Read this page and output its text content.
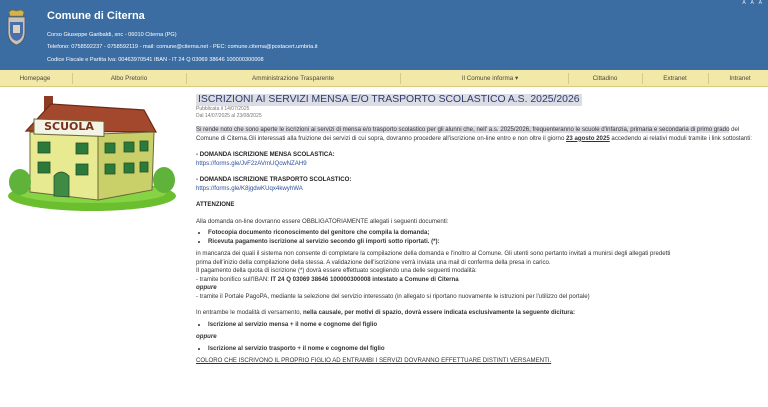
Comune di Citerna
Corso Giuseppe Garibaldi, snc - 06010 Citerna (PG)
Telefono: 0758592237 - 0758592119 - mail: comune@citerna.net - PEC: comune.citerna@postacert.umbria.it
Codice Fiscale e Partita Iva: 00463970541 IBAN - IT 24 Q 03069 38646 100000300008
A A A
Homepage	Albo Pretorio	Amministrazione Trasparente	Il Comune informa ▾	Cittadino	Extranet	Intranet
SCUOLA
ISCRIZIONI AI SERVIZI MENSA E/O TRASPORTO SCOLASTICO A.S. 2025/2026
Pubblicata il 14/07/2025
Dal 14/07/2025 al 23/08/2025

Si rende noto che sono aperte le iscrizioni ai servizi di mensa e/o trasporto scolastico per gli alunni che, nell' a.s. 2025/2026, frequenteranno le scuole d'infanzia, primaria e secondaria di primo grado del Comune di Citerna.Gli interessati alla fruizione dei servizi di cui sopra, dovranno procedere all'iscrizione on-line entro e non oltre il giorno 23 agosto 2025 accedendo ai relativi moduli tramite i link sottostanti:

- DOMANDA ISCRIZIONE MENSA SCOLASTICA:
https://forms.gle/JvF2zAVmUQcwNZAH9
- DOMANDA ISCRIZIONE TRASPORTO SCOLASTICO:
https://forms.gle/K8jgdwKUqx4kwyhWA
ATTENZIONE
Alla domanda on-line dovranno essere OBBLIGATORIAMENTE allegati i seguenti documenti:
• Fotocopia documento riconoscimento del genitore che compila la domanda;
• Ricevuta pagamento iscrizione al servizio secondo gli importi sotto riportati. (*):
in mancanza dei quali il sistema non consente di completare la compilazione della domanda e l'inoltro al Comune. Gli utenti sono pertanto invitati a munirsi degli allegati predetti
prima dell'inizio della compilazione della stessa. A validazione dell'iscrizione verrà inviata una mail di conferma della presa in carico.
Il pagamento della quota di iscrizione (*) dovrà essere effettuato scegliendo una delle seguenti modalità:
- tramite bonifico sull'IBAN: IT 24 Q 03069 38646 100000300008 intestato a Comune di Citerna
oppure
- tramite il Portale PagoPA, mediante la selezione del servizio interessato (in allegato si riportano nuovamente le istruzioni per l'utilizzo del portale)
In entrambe le modalità di versamento, nella causale, per motivi di spazio, dovrà essere indicata esclusivamente la seguente dicitura:
• Iscrizione al servizio mensa + il nome e cognome del figlio
oppure
• Iscrizione al servizio trasporto + il nome e cognome del figlio
COLORO CHE ISCRIVONO IL PROPRIO FIGLIO AD ENTRAMBI I SERVIZI DOVRANNO EFFETTUARE DISTINTI VERSAMENTI.
